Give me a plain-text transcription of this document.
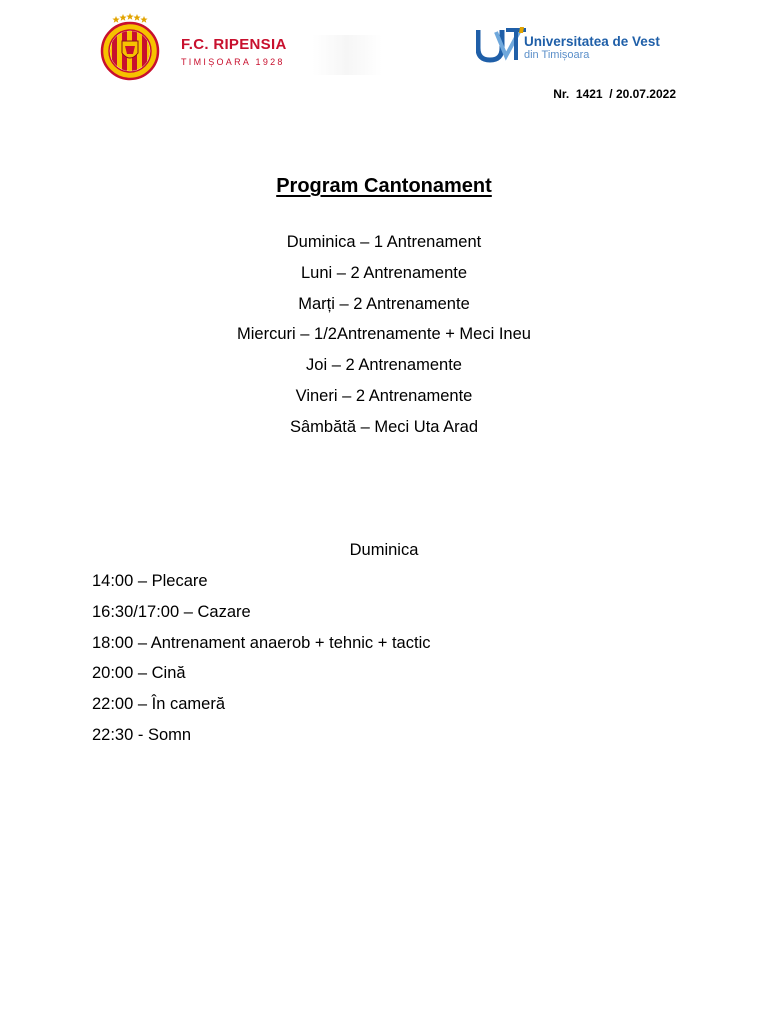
F.C. RIPENSIA
TIMIȘOARA 1928
Universitatea de Vest
din Timișoara
Nr.  1421  / 20.07.2022
Program Cantonament
Duminica – 1 Antrenament
Luni – 2 Antrenamente
Marți – 2 Antrenamente
Miercuri – 1/2Antrenamente + Meci Ineu
Joi – 2 Antrenamente
Vineri – 2 Antrenamente
Sâmbătă – Meci Uta Arad
Duminica
14:00 – Plecare
16:30/17:00 – Cazare
18:00 – Antrenament anaerob + tehnic + tactic
20:00 – Cină
22:00 – În cameră
22:30 - Somn
